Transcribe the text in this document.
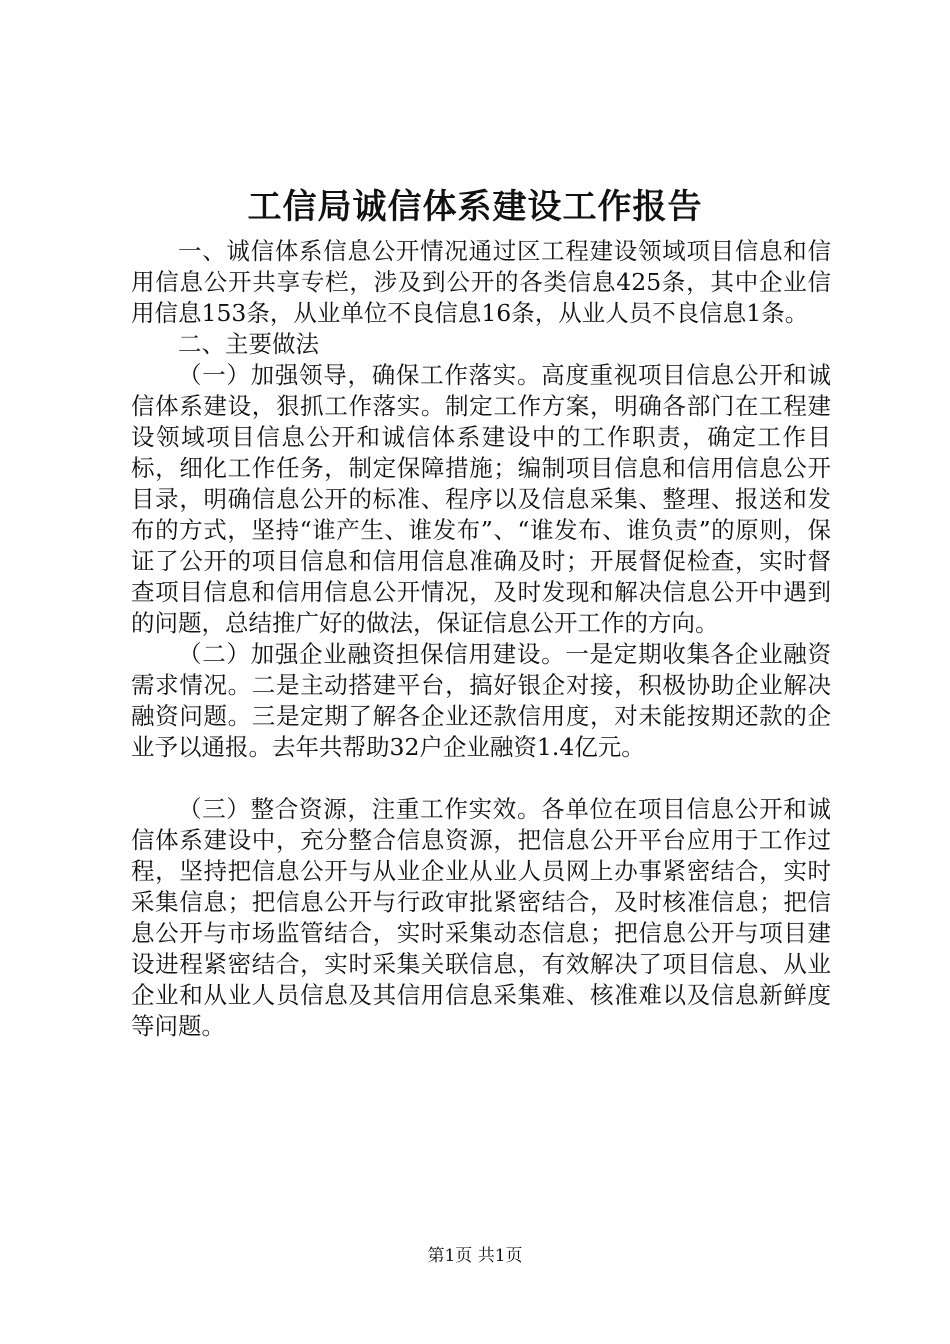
工信局诚信体系建设工作报告

一、诚信体系信息公开情况通过区工程建设领域项目信息和信用信息公开共享专栏，涉及到公开的各类信息425条，其中企业信用信息153条，从业单位不良信息16条，从业人员不良信息1条。

二、主要做法

（一）加强领导，确保工作落实。高度重视项目信息公开和诚信体系建设，狠抓工作落实。制定工作方案，明确各部门在工程建设领域项目信息公开和诚信体系建设中的工作职责，确定工作目标，细化工作任务，制定保障措施；编制项目信息和信用信息公开目录，明确信息公开的标准、程序以及信息采集、整理、报送和发布的方式，坚持“谁产生、谁发布”、“谁发布、谁负责”的原则，保证了公开的项目信息和信用信息准确及时；开展督促检查，实时督查项目信息和信用信息公开情况，及时发现和解决信息公开中遇到的问题，总结推广好的做法，保证信息公开工作的方向。

（二）加强企业融资担保信用建设。一是定期收集各企业融资需求情况。二是主动搭建平台，搞好银企对接，积极协助企业解决融资问题。三是定期了解各企业还款信用度，对未能按期还款的企业予以通报。去年共帮助32户企业融资1.4亿元。

（三）整合资源，注重工作实效。各单位在项目信息公开和诚信体系建设中，充分整合信息资源，把信息公开平台应用于工作过程，坚持把信息公开与从业企业从业人员网上办事紧密结合，实时采集信息；把信息公开与行政审批紧密结合，及时核准信息；把信息公开与市场监管结合，实时采集动态信息；把信息公开与项目建设进程紧密结合，实时采集关联信息，有效解决了项目信息、从业企业和从业人员信息及其信用信息采集难、核准难以及信息新鲜度等问题。

第1页 共1页
